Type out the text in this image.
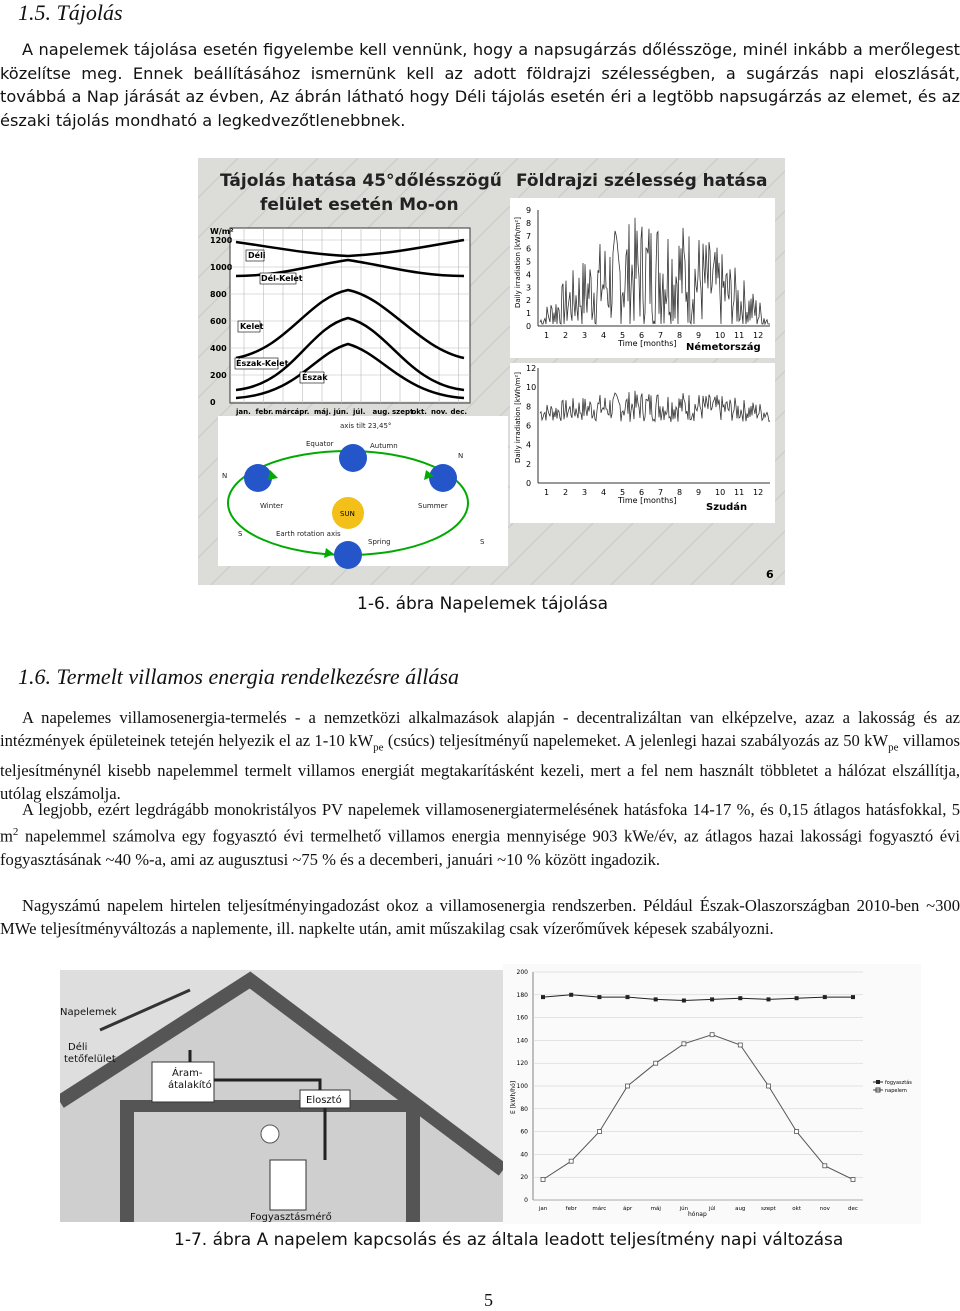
1.5. Tájolás

A napelemek tájolása esetén figyelembe kell vennünk, hogy a napsugárzás dőlésszöge, minél inkább a merőlegest közelítse meg. Ennek beállításához ismernünk kell az adott földrajzi szélességben, a sugárzás napi eloszlását, továbbá a Nap járását az évben, Az ábrán látható hogy Déli tájolás esetén éri a legtöbb napsugárzás az elemet, és az északi tájolás mondható a legkedvezőtlenebbnek.

Tájolás hatása 45°dőlésszögű
felület esetén Mo-on
Földrajzi szélesség hatása
W/m²
1200
1000
800
600
400
200
0
jan. febr. márc.
ápr. máj. jún. júl. aug. szept.
okt. nov. dec.
Déli
Dél-Kelet
Kelet
Észak-Kelet
Észak
SUN
axis tilt 23,45°
Equator	Autumn
Winter	Summer
Spring
Earth rotation axis
N
N
S
S
9
8
7
6
5
4
3
2
1
0
1 2 3 4 5 6 7 8 9 10 11 12
Time [months] Németország
Daily irradiation [kWh/m²]
12
10
8
6
4
2
0
1 2 3 4 5 6 7 8 9 10 11 12
Time [months]
Szudán
Daily irradiation [kWh/m²]
6
1-6. ábra Napelemek tájolása
1.6. Termelt villamos energia rendelkezésre állása

A napelemes villamosenergia-termelés - a nemzetközi alkalmazások alapján - decentralizáltan van elképzelve, azaz a lakosság és az intézmények épületeinek tetején helyezik el az 1-10 $kW_{pe}$ (csúcs) teljesítményű napelemeket. A jelenlegi hazai szabályozás az 50 $kW_{pe}$ villamos teljesítménynél kisebb napelemmel termelt villamos energiát megtakarításként kezeli, mert a fel nem használt többletet a hálózat elszállítja, utólag elszámolja.

A legjobb, ezért legdrágább monokristályos PV napelemek villamosenergiatermelésének hatásfoka 14-17 %, és 0,15 átlagos hatásfokkal, 5 $m^2$ napelemmel számolva egy fogyasztó évi termelhető villamos energia mennyisége 903 kWe/év, az átlagos hazai lakossági fogyasztó évi fogyasztásának ~40 %-a, ami az augusztusi ~75 % és a decemberi, januári ~10 % között ingadozik.

Nagyszámú napelem hirtelen teljesítményingadozást okoz a villamosenergia rendszerben. Például Észak-Olaszországban 2010-ben ~300 MWe teljesítményváltozás a naplemente, ill. napkelte után, amit műszakilag csak vízerőművek képesek szabályozni.

Napelemek
Déli
tetőfelület
Áram-
átalakító
Elosztó
Fogyasztásmérő
E [kWh/hó]
hónap
0
20
40
60
80
100
120
140
160
180
200
jan	febr	márc	ápr	máj	jún	júl	aug	szept	okt	nov	dec
fogyasztás
napelem
1-7. ábra A napelem kapcsolás és az általa leadott teljesítmény napi változása
5
